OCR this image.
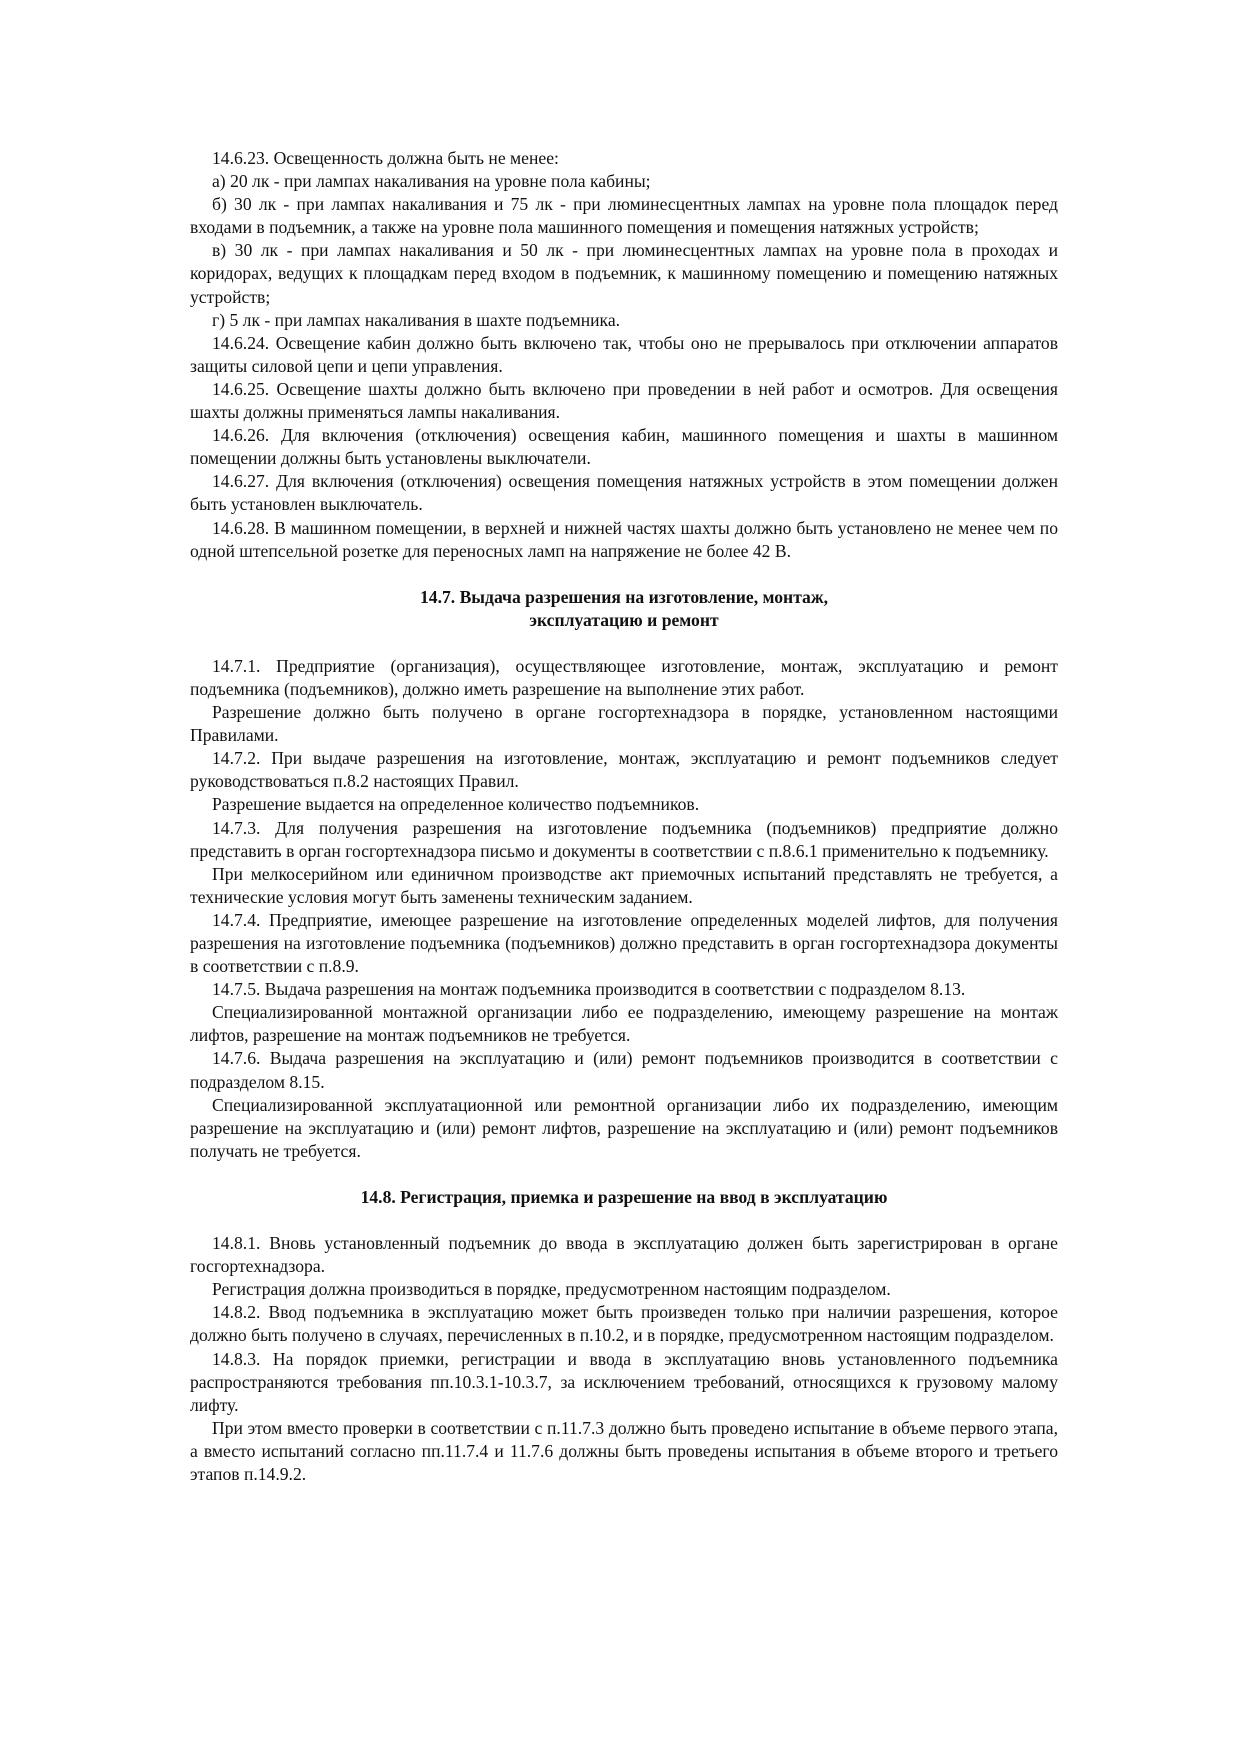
14.6.23. Освещенность должна быть не менее:

а) 20 лк - при лампах накаливания на уровне пола кабины;

б) 30 лк - при лампах накаливания и 75 лк - при люминесцентных лампах на уровне пола площадок перед входами в подъемник, а также на уровне пола машинного помещения и помещения натяжных устройств;

в) 30 лк - при лампах накаливания и 50 лк - при люминесцентных лампах на уровне пола в проходах и коридорах, ведущих к площадкам перед входом в подъемник, к машинному помещению и помещению натяжных устройств;

г) 5 лк - при лампах накаливания в шахте подъемника.

14.6.24. Освещение кабин должно быть включено так, чтобы оно не прерывалось при отключении аппаратов защиты силовой цепи и цепи управления.

14.6.25. Освещение шахты должно быть включено при проведении в ней работ и осмотров. Для освещения шахты должны применяться лампы накаливания.

14.6.26. Для включения (отключения) освещения кабин, машинного помещения и шахты в машинном помещении должны быть установлены выключатели.

14.6.27. Для включения (отключения) освещения помещения натяжных устройств в этом помещении должен быть установлен выключатель.

14.6.28. В машинном помещении, в верхней и нижней частях шахты должно быть установлено не менее чем по одной штепсельной розетке для переносных ламп на напряжение не более 42 В.

14.7. Выдача разрешения на изготовление, монтаж,

эксплуатацию и ремонт

14.7.1. Предприятие (организация), осуществляющее изготовление, монтаж, эксплуатацию и ремонт подъемника (подъемников), должно иметь разрешение на выполнение этих работ.

Разрешение должно быть получено в органе госгортехнадзора в порядке, установленном настоящими Правилами.

14.7.2. При выдаче разрешения на изготовление, монтаж, эксплуатацию и ремонт подъемников следует руководствоваться п.8.2 настоящих Правил.

Разрешение выдается на определенное количество подъемников.

14.7.3. Для получения разрешения на изготовление подъемника (подъемников) предприятие должно представить в орган госгортехнадзора письмо и документы в соответствии с п.8.6.1 применительно к подъемнику.

При мелкосерийном или единичном производстве акт приемочных испытаний представлять не требуется, а технические условия могут быть заменены техническим заданием.

14.7.4. Предприятие, имеющее разрешение на изготовление определенных моделей лифтов, для получения разрешения на изготовление подъемника (подъемников) должно представить в орган госгортехнадзора документы в соответствии с п.8.9.

14.7.5. Выдача разрешения на монтаж подъемника производится в соответствии с подразделом 8.13.

Специализированной монтажной организации либо ее подразделению, имеющему разрешение на монтаж лифтов, разрешение на монтаж подъемников не требуется.

14.7.6. Выдача разрешения на эксплуатацию и (или) ремонт подъемников производится в соответствии с подразделом 8.15.

Специализированной эксплуатационной или ремонтной организации либо их подразделению, имеющим разрешение на эксплуатацию и (или) ремонт лифтов, разрешение на эксплуатацию и (или) ремонт подъемников получать не требуется.

14.8. Регистрация, приемка и разрешение на ввод в эксплуатацию

14.8.1. Вновь установленный подъемник до ввода в эксплуатацию должен быть зарегистрирован в органе госгортехнадзора.

Регистрация должна производиться в порядке, предусмотренном настоящим подразделом.

14.8.2. Ввод подъемника в эксплуатацию может быть произведен только при наличии разрешения, которое должно быть получено в случаях, перечисленных в п.10.2, и в порядке, предусмотренном настоящим подразделом.

14.8.3. На порядок приемки, регистрации и ввода в эксплуатацию вновь установленного подъемника распространяются требования пп.10.3.1-10.3.7, за исключением требований, относящихся к грузовому малому лифту.

При этом вместо проверки в соответствии с п.11.7.3 должно быть проведено испытание в объеме первого этапа, а вместо испытаний согласно пп.11.7.4 и 11.7.6 должны быть проведены испытания в объеме второго и третьего этапов п.14.9.2.
